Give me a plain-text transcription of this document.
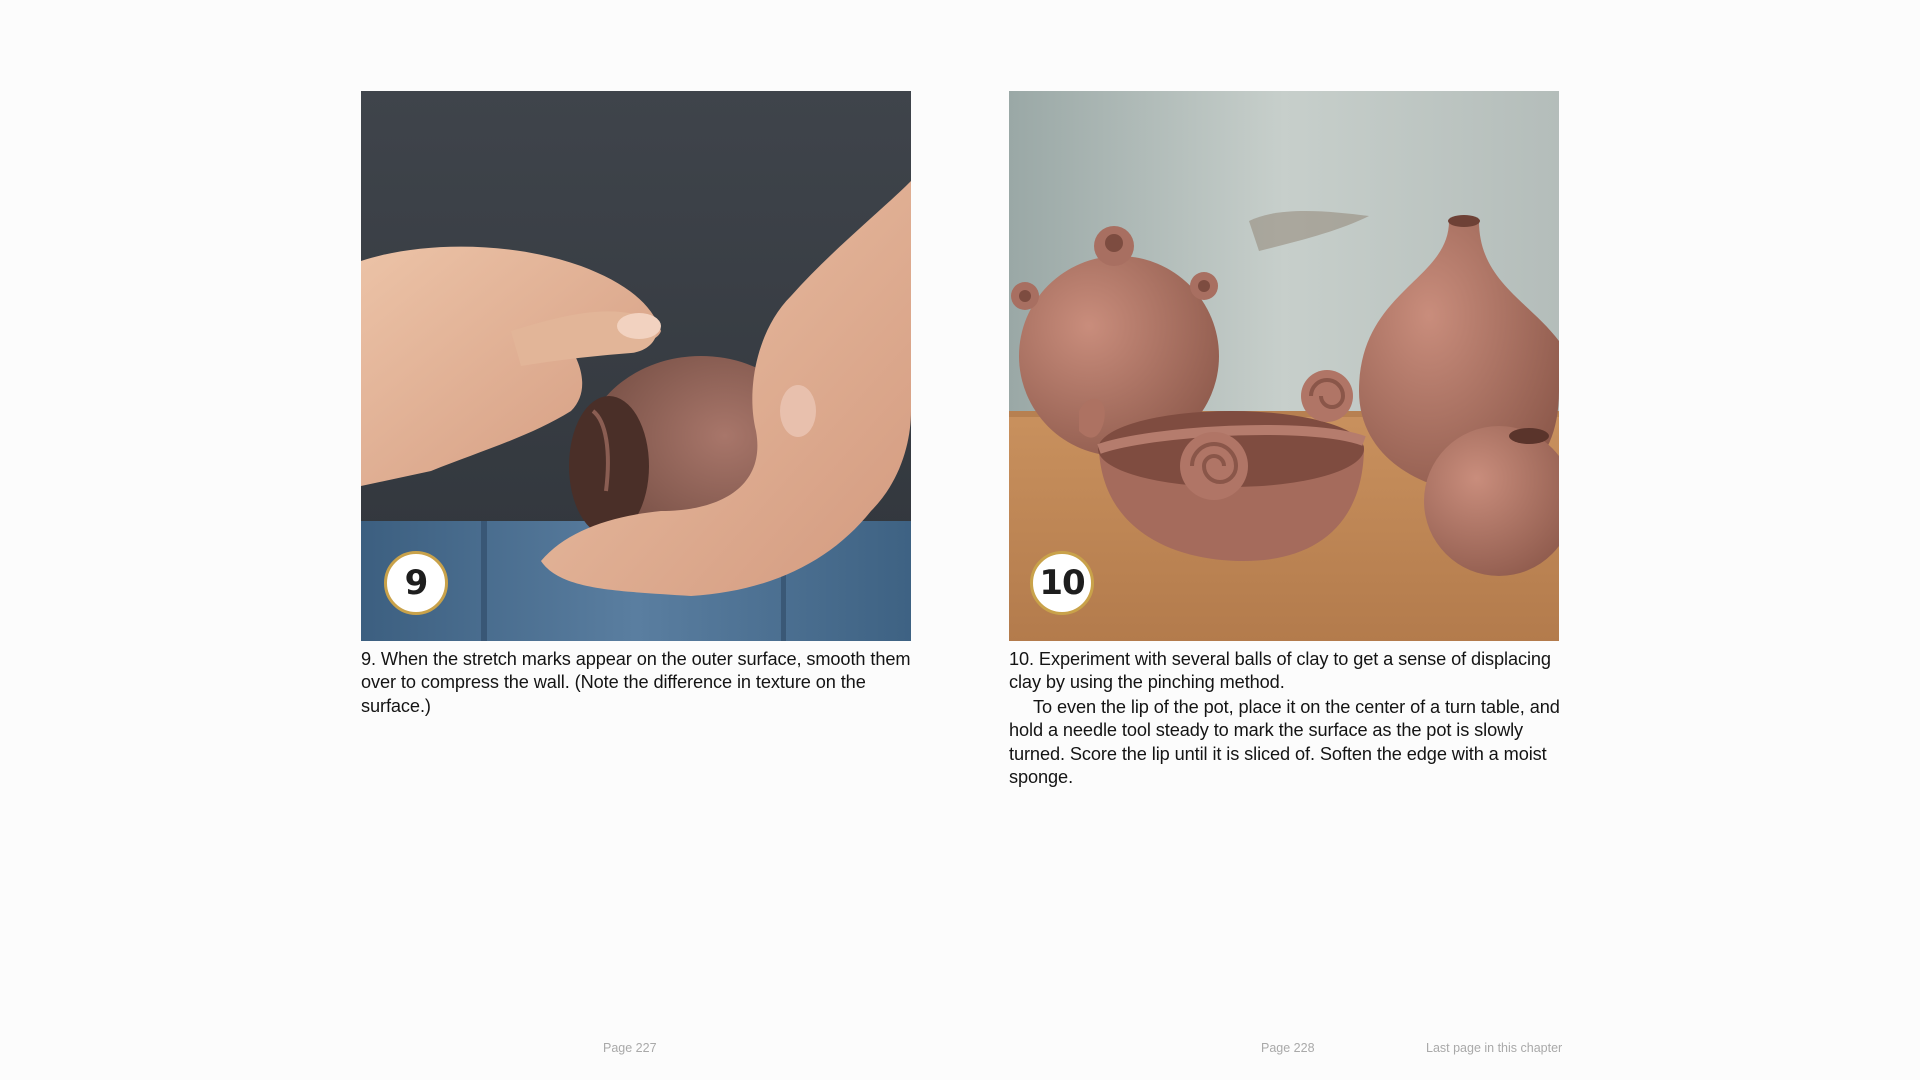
9

9. When the stretch marks appear on the outer surface, smooth them over to compress the wall. (Note the difference in texture on the surface.)

10

10. Experiment with several balls of clay to get a sense of displacing clay by using the pinching method.

To even the lip of the pot, place it on the center of a turn table, and hold a needle tool steady to mark the surface as the pot is slowly turned. Score the lip until it is sliced of. Soften the edge with a moist sponge.

Page 227	Page 228	Last page in this chapter
